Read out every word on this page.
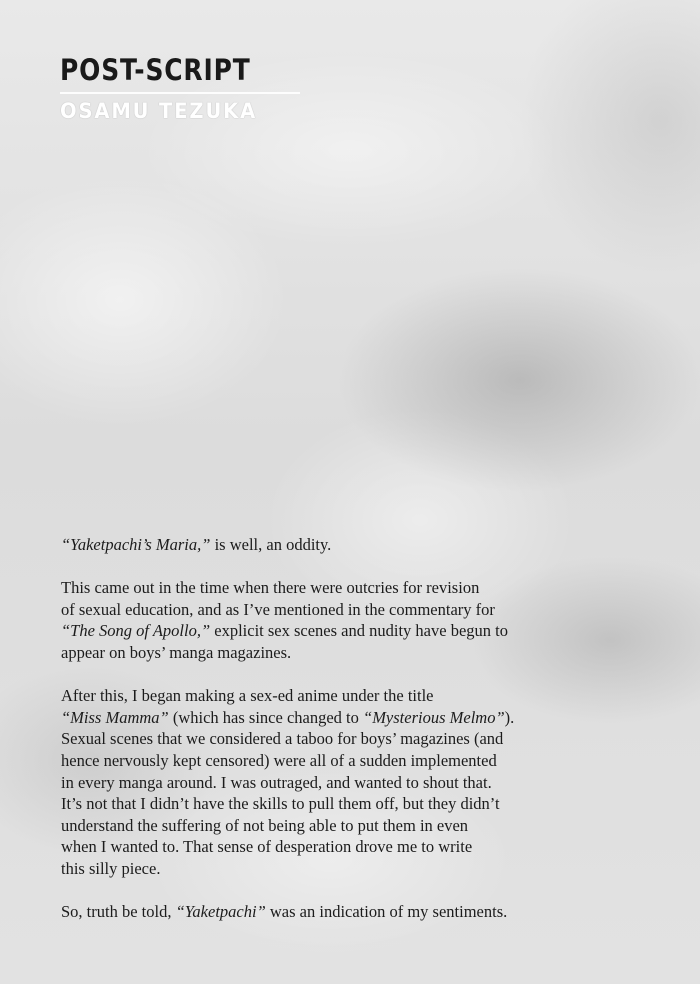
POST-SCRIPT
OSAMU TEZUKA

“Yaketpachi’s Maria,” is well, an oddity.

This came out in the time when there were outcries for revision
of sexual education, and as I’ve mentioned in the commentary for
“The Song of Apollo,” explicit sex scenes and nudity have begun to
appear on boys’ manga magazines.

After this, I began making a sex-ed anime under the title
“Miss Mamma” (which has since changed to “Mysterious Melmo”).
Sexual scenes that we considered a taboo for boys’ magazines (and
hence nervously kept censored) were all of a sudden implemented
in every manga around. I was outraged, and wanted to shout that.
It’s not that I didn’t have the skills to pull them off, but they didn’t
understand the suffering of not being able to put them in even
when I wanted to. That sense of desperation drove me to write
this silly piece.

So, truth be told, “Yaketpachi” was an indication of my sentiments.
